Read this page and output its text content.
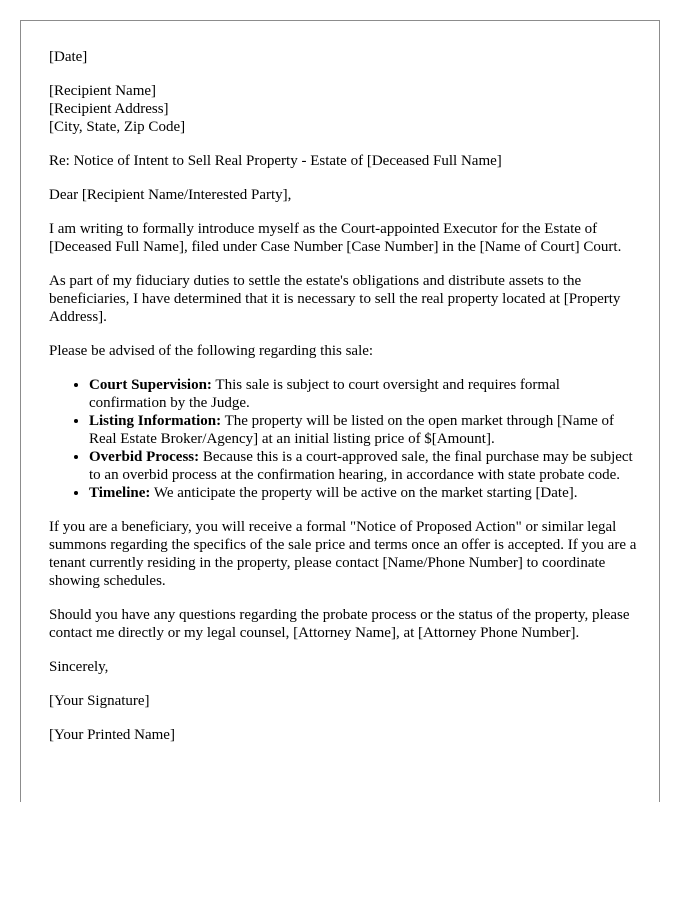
[Date]

[Recipient Name]

[Recipient Address]

[City, State, Zip Code]

Re: Notice of Intent to Sell Real Property - Estate of [Deceased Full Name]

Dear [Recipient Name/Interested Party],

I am writing to formally introduce myself as the Court-appointed Executor for the Estate of [Deceased Full Name], filed under Case Number [Case Number] in the [Name of Court] Court.

As part of my fiduciary duties to settle the estate's obligations and distribute assets to the beneficiaries, I have determined that it is necessary to sell the real property located at [Property Address].

Please be advised of the following regarding this sale:

• Court Supervision: This sale is subject to court oversight and requires formal confirmation by the Judge.
• Listing Information: The property will be listed on the open market through [Name of Real Estate Broker/Agency] at an initial listing price of $[Amount].
• Overbid Process: Because this is a court-approved sale, the final purchase may be subject to an overbid process at the confirmation hearing, in accordance with state probate code.
• Timeline: We anticipate the property will be active on the market starting [Date].

If you are a beneficiary, you will receive a formal "Notice of Proposed Action" or similar legal summons regarding the specifics of the sale price and terms once an offer is accepted. If you are a tenant currently residing in the property, please contact [Name/Phone Number] to coordinate showing schedules.

Should you have any questions regarding the probate process or the status of the property, please contact me directly or my legal counsel, [Attorney Name], at [Attorney Phone Number].

Sincerely,

[Your Signature]

[Your Printed Name]
